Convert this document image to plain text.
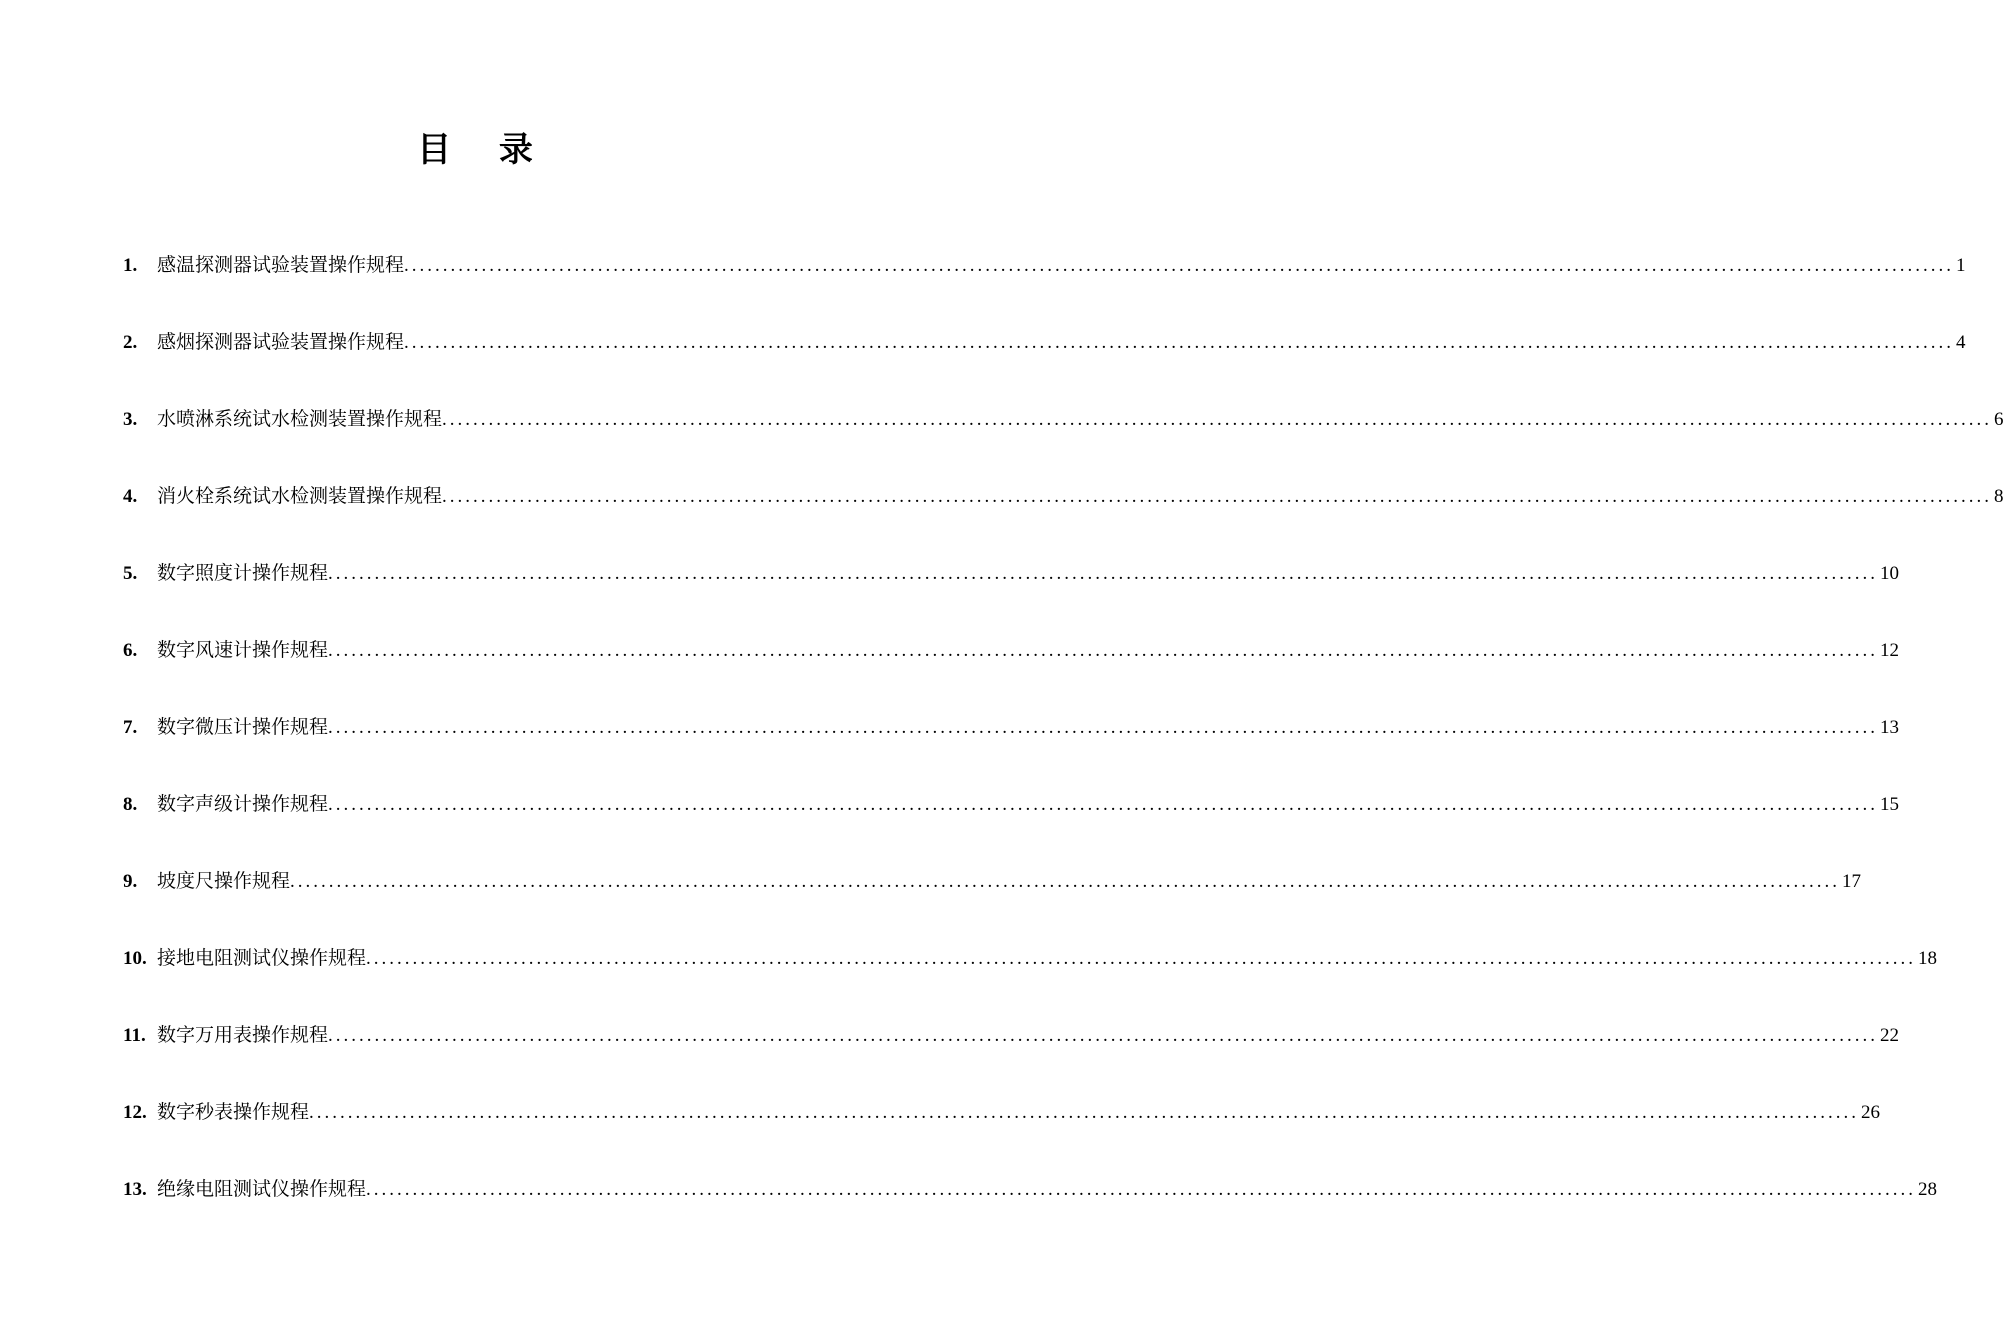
目 录
1.	感温探测器试验装置操作规程 ........................................................................................................................................................................................................ 1
2.	感烟探测器试验装置操作规程 ........................................................................................................................................................................................................ 4
3.	水喷淋系统试水检测装置操作规程 ........................................................................................................................................................................................................ 6
4.	消火栓系统试水检测装置操作规程 ........................................................................................................................................................................................................ 8
5.	数字照度计操作规程 ........................................................................................................................................................................................................ 10
6.	数字风速计操作规程 ........................................................................................................................................................................................................ 12
7.	数字微压计操作规程 ........................................................................................................................................................................................................ 13
8.	数字声级计操作规程 ........................................................................................................................................................................................................ 15
9.	坡度尺操作规程 ........................................................................................................................................................................................................ 17
10. 接地电阻测试仪操作规程 ........................................................................................................................................................................................................ 18
11. 数字万用表操作规程 ........................................................................................................................................................................................................ 22
12. 数字秒表操作规程 ........................................................................................................................................................................................................ 26
13. 绝缘电阻测试仪操作规程 ........................................................................................................................................................................................................ 28
